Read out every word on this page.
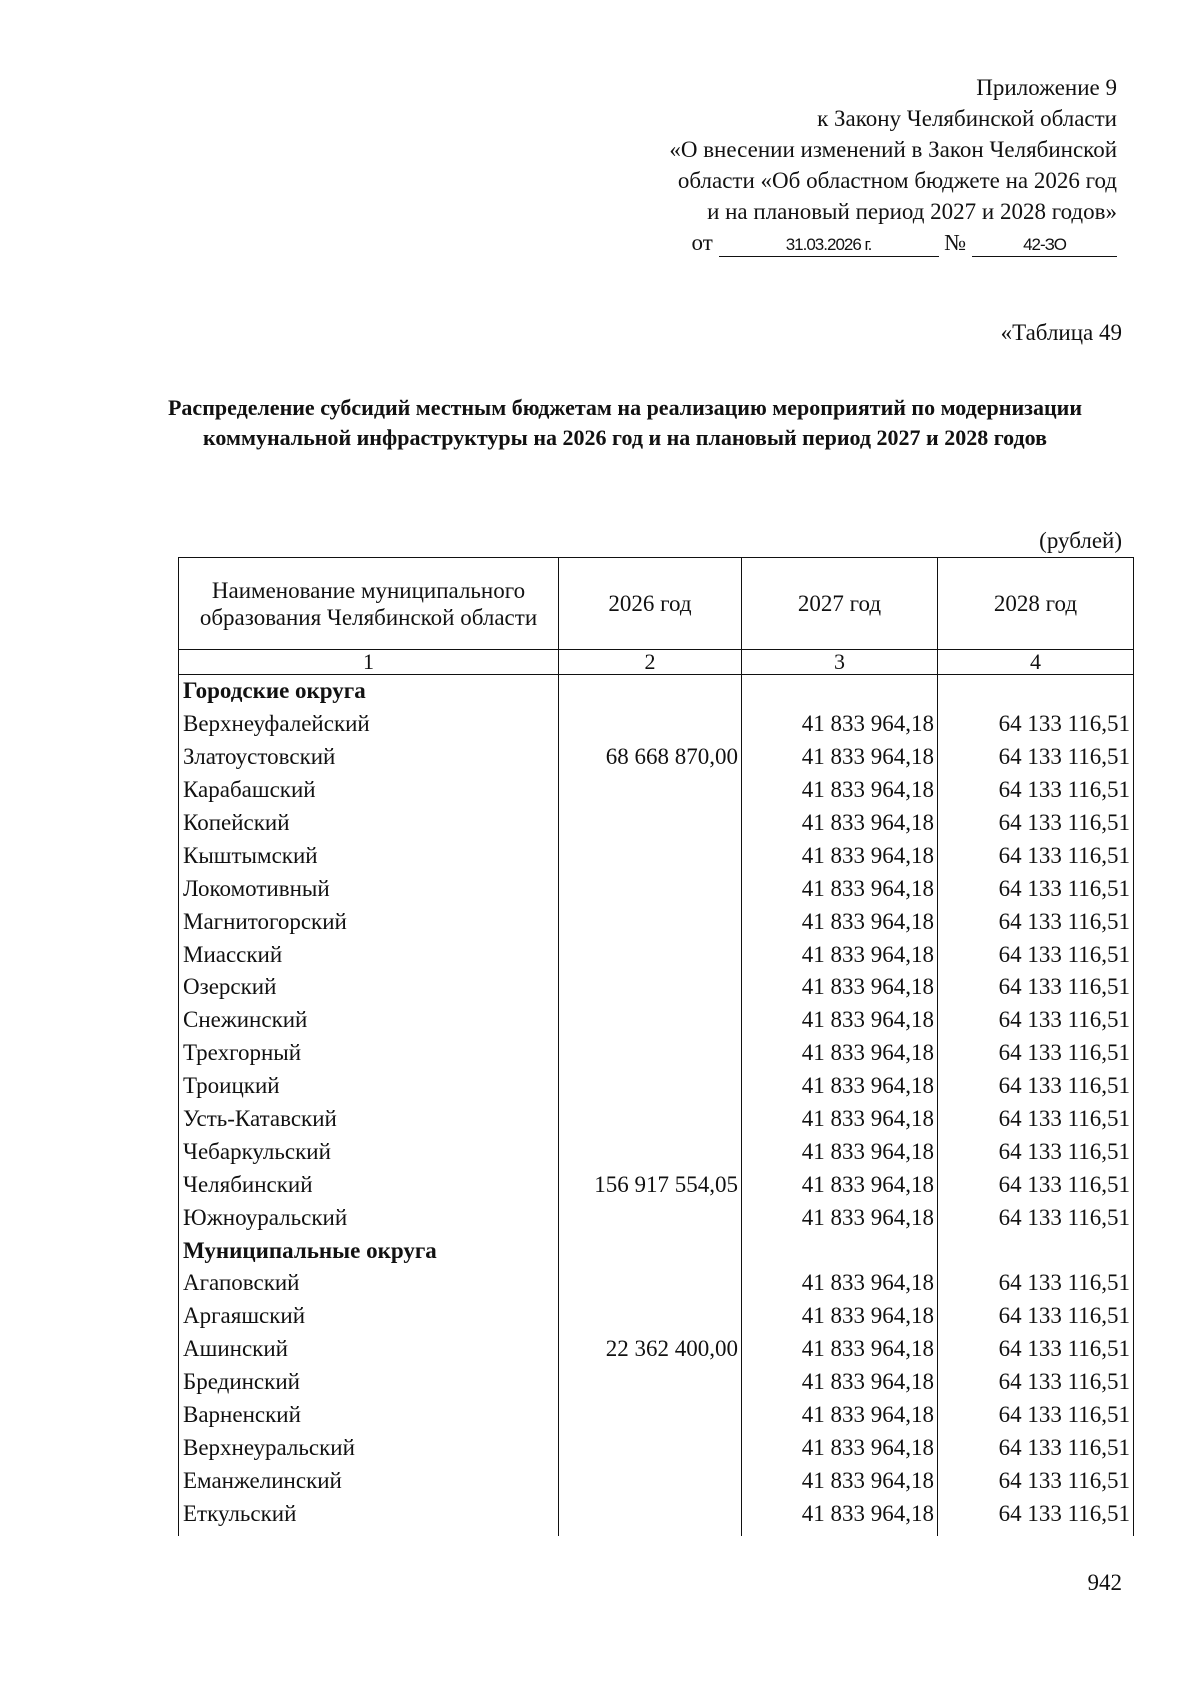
Приложение 9
к Закону Челябинской области
«О внесении изменений в Закон Челябинской
области «Об областном бюджете на 2026 год
и на плановый период 2027 и 2028 годов»
от	31.03.2026 г.	№	42-ЗО
«Таблица 49
Распределение субсидий местным бюджетам на реализацию мероприятий по модернизации коммунальной инфраструктуры на 2026 год и на плановый период 2027 и 2028 годов
(рублей)
Наименование муниципального образования Челябинской области	2026 год	2027 год	2028 год
1	2	3	4
Городские округа			
Верхнеуфалейский		41 833 964,18	64 133 116,51
Златоустовский	68 668 870,00	41 833 964,18	64 133 116,51
Карабашский		41 833 964,18	64 133 116,51
Копейский		41 833 964,18	64 133 116,51
Кыштымский		41 833 964,18	64 133 116,51
Локомотивный		41 833 964,18	64 133 116,51
Магнитогорский		41 833 964,18	64 133 116,51
Миасский		41 833 964,18	64 133 116,51
Озерский		41 833 964,18	64 133 116,51
Снежинский		41 833 964,18	64 133 116,51
Трехгорный		41 833 964,18	64 133 116,51
Троицкий		41 833 964,18	64 133 116,51
Усть-Катавский		41 833 964,18	64 133 116,51
Чебаркульский		41 833 964,18	64 133 116,51
Челябинский	156 917 554,05	41 833 964,18	64 133 116,51
Южноуральский		41 833 964,18	64 133 116,51
Муниципальные округа			
Агаповский		41 833 964,18	64 133 116,51
Аргаяшский		41 833 964,18	64 133 116,51
Ашинский	22 362 400,00	41 833 964,18	64 133 116,51
Брединский		41 833 964,18	64 133 116,51
Варненский		41 833 964,18	64 133 116,51
Верхнеуральский		41 833 964,18	64 133 116,51
Еманжелинский		41 833 964,18	64 133 116,51
Еткульский		41 833 964,18	64 133 116,51

942
